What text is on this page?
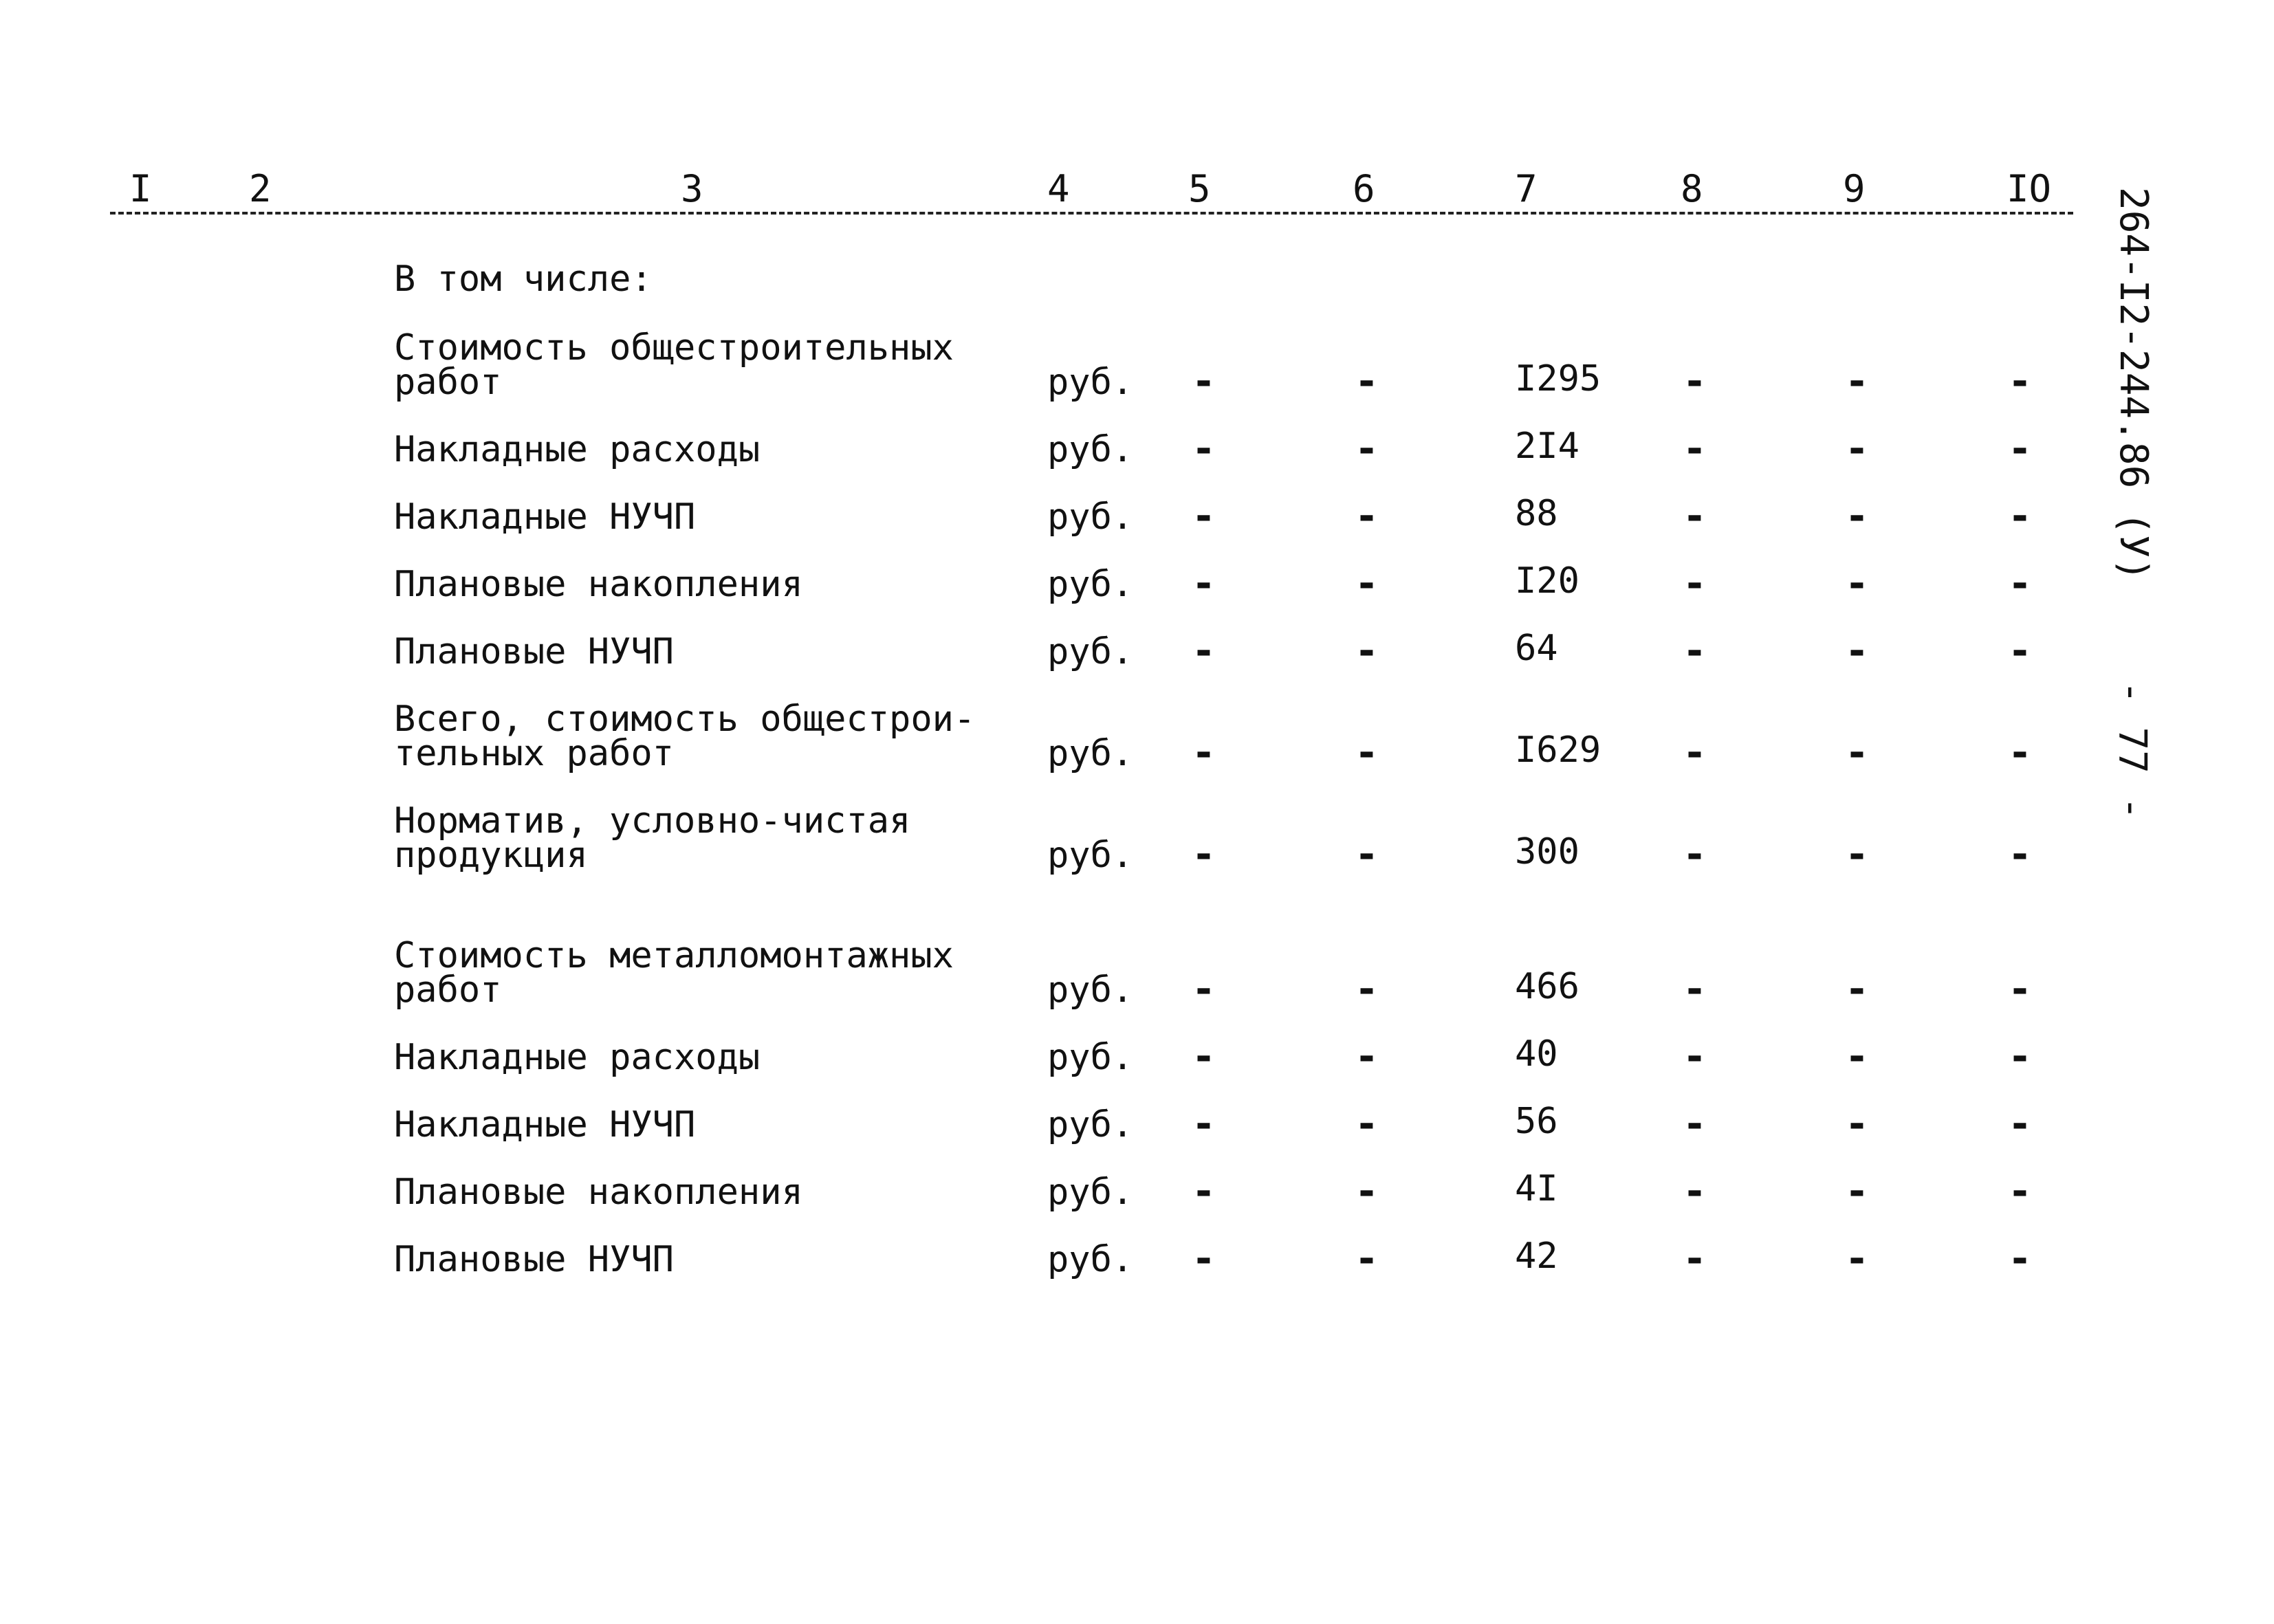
I	2	3	4	5	6	7	8	9	IO
В том числе:
Стоимость общестроительных
работ	руб. -	-	I295 -	-	-
Накладные расходы	руб. -	-	2I4	-	-	-
Накладные НУЧП	руб. -	-	88	-	-	-
Плановые накопления	руб. -	-	I20	-	-	-
Плановые НУЧП	руб. -	-	64	-	-	-
Всего, стоимость общестрои-
тельных работ	руб. -	-	I629 -	-	-
Норматив, условно-чистая
продукция	руб. -	-	300	-	-	-
Стоимость металломонтажных
работ	руб. -	-	466	-	-	-
Накладные расходы	руб. -	-	40	-	-	-
Накладные НУЧП	руб. -	-	56	-	-	-
Плановые накопления	руб. -	-	4I	-	-	-
Плановые НУЧП	руб. -	-	42	-	-	-
264-I2-244.86 (У)
- 77 -
